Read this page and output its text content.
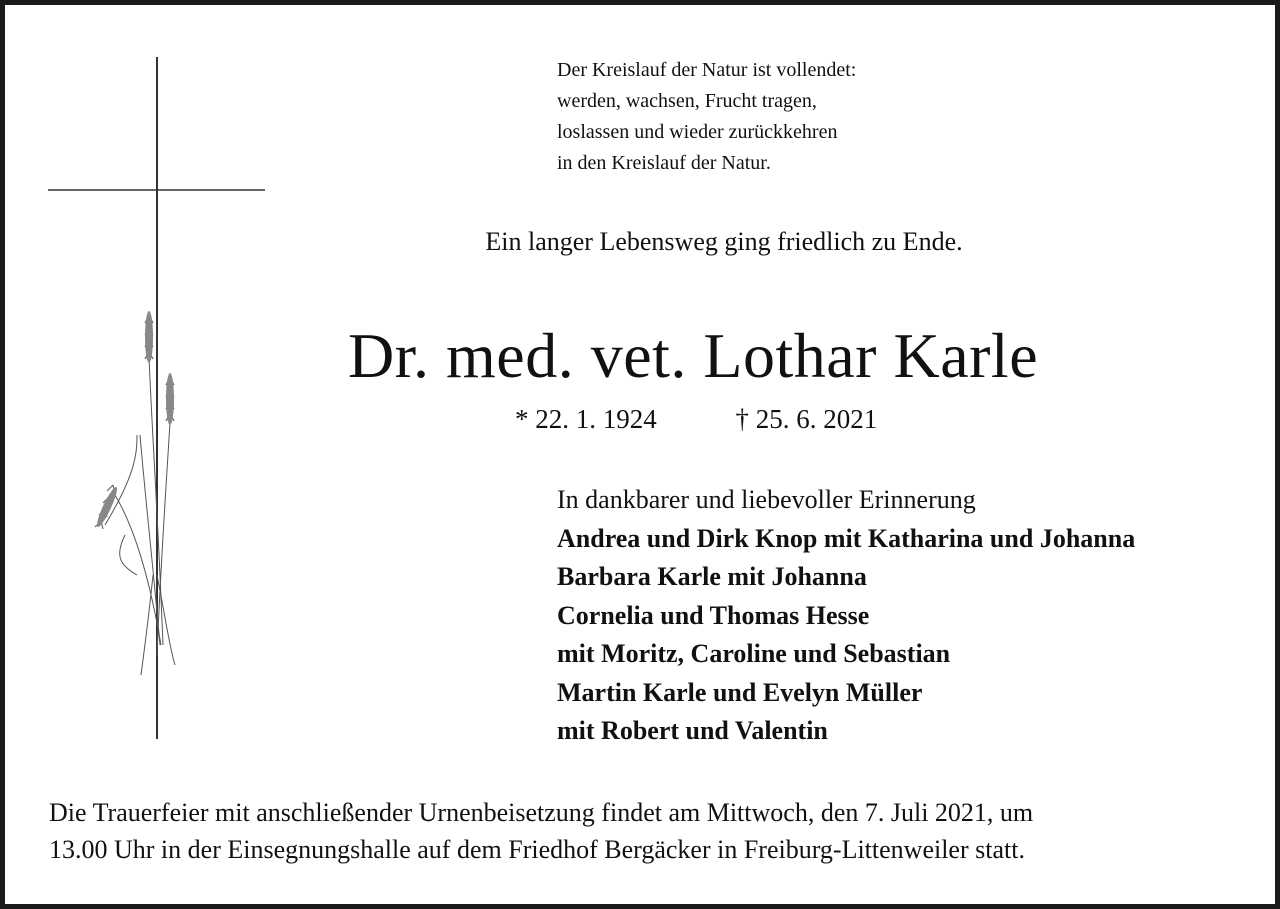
Der Kreislauf der Natur ist vollendet:
werden, wachsen, Frucht tragen,
loslassen und wieder zurückkehren
in den Kreislauf der Natur.
Ein langer Lebensweg ging friedlich zu Ende.
Dr. med. vet. Lothar Karle
* 22. 1. 1924	† 25. 6. 2021
In dankbarer und liebevoller Erinnerung
Andrea und Dirk Knop mit Katharina und Johanna
Barbara Karle mit Johanna
Cornelia und Thomas Hesse
mit Moritz, Caroline und Sebastian
Martin Karle und Evelyn Müller
mit Robert und Valentin
Die Trauerfeier mit anschließender Urnenbeisetzung findet am Mittwoch, den 7. Juli 2021, um
13.00 Uhr in der Einsegnungshalle auf dem Friedhof Bergäcker in Freiburg-Littenweiler statt.
